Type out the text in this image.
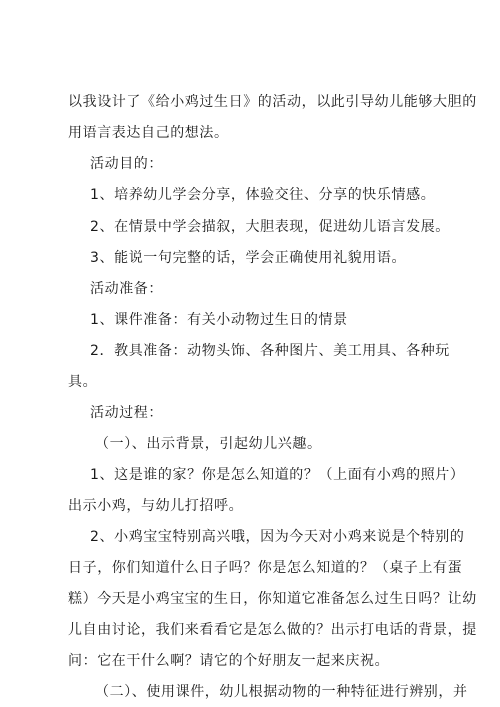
以我设计了《给小鸡过生日》的活动，以此引导幼儿能够大胆的
用语言表达自己的想法。
活动目的：
1、培养幼儿学会分享，体验交往、分享的快乐情感。
2、在情景中学会描叙，大胆表现，促进幼儿语言发展。
3、能说一句完整的话，学会正确使用礼貌用语。
活动准备：
1、课件准备：有关小动物过生日的情景
2．教具准备：动物头饰、各种图片、美工用具、各种玩
具。
活动过程：
（一）、出示背景，引起幼儿兴趣。
1、这是谁的家？你是怎么知道的？（上面有小鸡的照片）
出示小鸡，与幼儿打招呼。
2、小鸡宝宝特别高兴哦，因为今天对小鸡来说是个特别的
日子，你们知道什么日子吗？你是怎么知道的？（桌子上有蛋
糕）今天是小鸡宝宝的生日，你知道它准备怎么过生日吗？让幼
儿自由讨论，我们来看看它是怎么做的？出示打电话的背景，提
问：它在干什么啊？请它的个好朋友一起来庆祝。
（二）、使用课件，幼儿根据动物的一种特征进行辨别，并
